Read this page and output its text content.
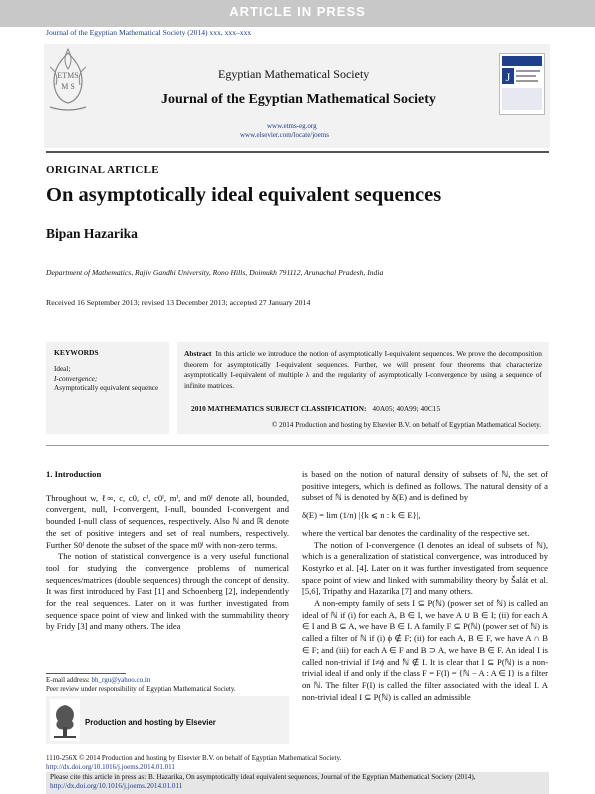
ARTICLE IN PRESS
Journal of the Egyptian Mathematical Society (2014) xxx, xxx–xxx
ETMS
M S
Egyptian Mathematical Society
Journal of the Egyptian Mathematical Society
www.etms-eg.org
www.elsevier.com/locate/joems
J
ORIGINAL ARTICLE
On asymptotically ideal equivalent sequences
Bipan Hazarika
Department of Mathematics, Rajiv Gandhi University, Rono Hills, Doimukh 791112, Arunachal Pradesh, India
Received 16 September 2013; revised 13 December 2013; accepted 27 January 2014
KEYWORDS
Ideal;
I-convergence;
Asymptotically equivalent sequence
Abstract In this article we introduce the notion of asymptotically I-equivalent sequences. We prove the decomposition theorem for asymptotically I-equivalent sequences. Further, we will present four theorems that characterize asymptotically I-equivalent of multiple λ and the regularity of asymptotically I-convergence by using a sequence of infinite matrices.
2010 MATHEMATICS SUBJECT CLASSIFICATION: 40A05; 40A99; 40C15
© 2014 Production and hosting by Elsevier B.V. on behalf of Egyptian Mathematical Society.
1. Introduction
Throughout w, ℓ∞, c, c0, cᴵ, c0ᴵ, mᴵ, and m0ᴵ denote all, bounded, convergent, null, I-convergent, I-null, bounded I-convergent and bounded I-null class of sequences, respectively. Also ℕ and ℝ denote the set of positive integers and set of real numbers, respectively. Further S0ᴵ denote the subset of the space m0ᴵ with non-zero terms.
The notion of statistical convergence is a very useful functional tool for studying the convergence problems of numerical sequences/matrices (double sequences) through the concept of density. It was first introduced by Fast [1] and Schoenberg [2], independently for the real sequences. Later on it was further investigated from sequence space point of view and linked with the summability theory by Fridy [3] and many others. The idea
is based on the notion of natural density of subsets of ℕ, the set of positive integers, which is defined as follows. The natural density of a subset of ℕ is denoted by δ(E) and is defined by
δ(E) = lim (1/n) |{k ⩽ n : k ∈ E}|,
where the vertical bar denotes the cardinality of the respective set.
The notion of I-convergence (I denotes an ideal of subsets of ℕ), which is a generalization of statistical convergence, was introduced by Kostyrko et al. [4]. Later on it was further investigated from sequence space point of view and linked with summability theory by Šalát et al. [5,6], Tripathy and Hazarika [7] and many others.
A non-empty family of sets I ⊆ P(ℕ) (power set of ℕ) is called an ideal of ℕ if (i) for each A, B ∈ I, we have A ∪ B ∈ I; (ii) for each A ∈ I and B ⊆ A, we have B ∈ I. A family F ⊆ P(ℕ) (power set of ℕ) is called a filter of ℕ if (i) ϕ ∉ F; (ii) for each A, B ∈ F, we have A ∩ B ∈ F; and (iii) for each A ∈ F and B ⊃ A, we have B ∈ F. An ideal I is called non-trivial if I≠ϕ and ℕ ∉ I. It is clear that I ⊆ P(ℕ) is a non-trivial ideal if and only if the class F = F(I) = {ℕ − A : A ∈ I} is a filter on ℕ. The filter F(I) is called the filter associated with the ideal I. A non-trivial ideal I ⊆ P(ℕ) is called an admissible
E-mail address: bh_rgu@yahoo.co.in
Peer review under responsibility of Egyptian Mathematical Society.
Production and hosting by Elsevier
1110-256X © 2014 Production and hosting by Elsevier B.V. on behalf of Egyptian Mathematical Society.
http://dx.doi.org/10.1016/j.joems.2014.01.011
Please cite this article in press as: B. Hazarika, On asymptotically ideal equivalent sequences, Journal of the Egyptian Mathematical Society (2014), http://dx.doi.org/10.1016/j.joems.2014.01.011
